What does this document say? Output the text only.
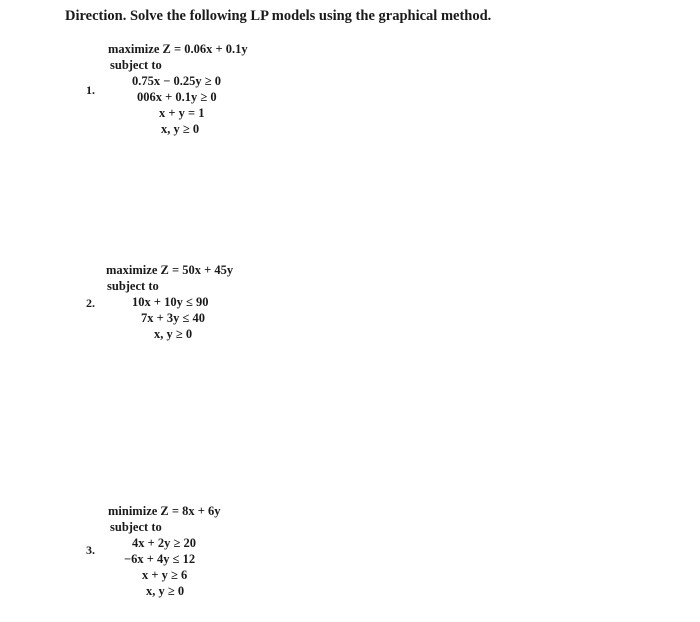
Direction. Solve the following LP models using the graphical method.
1.
maximize Z = 0.06x + 0.1y
subject to
0.75x − 0.25y ≥ 0
006x + 0.1y ≥ 0
x + y = 1
x, y ≥ 0
2.
maximize Z = 50x + 45y
subject to
10x + 10y ≤ 90
7x + 3y ≤ 40
x, y ≥ 0
3.
minimize Z = 8x + 6y
subject to
4x + 2y ≥ 20
−6x + 4y ≤ 12
x + y ≥ 6
x, y ≥ 0
